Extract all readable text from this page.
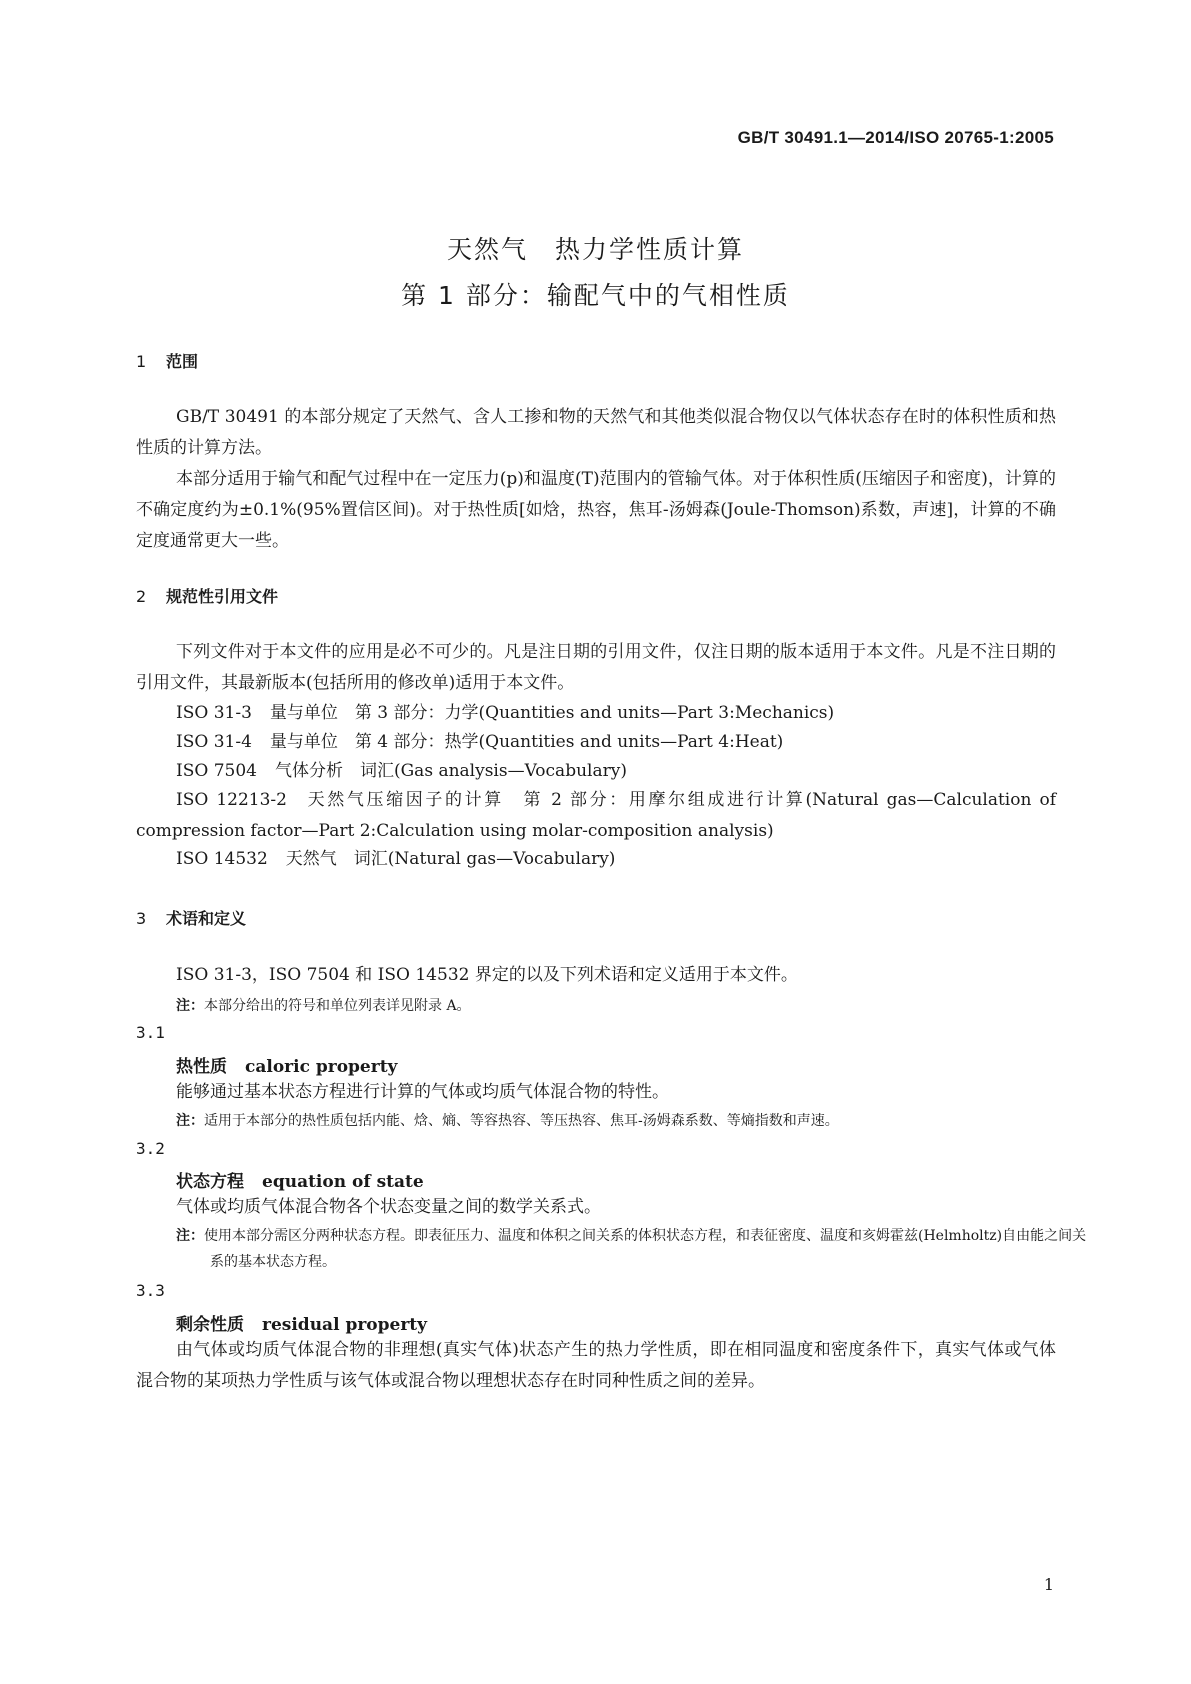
GB/T 30491.1—2014/ISO 20765-1:2005
天然气　热力学性质计算
第 1 部分：输配气中的气相性质
1 范围

GB/T 30491 的本部分规定了天然气、含人工掺和物的天然气和其他类似混合物仅以气体状态存在时的体积性质和热性质的计算方法。

本部分适用于输气和配气过程中在一定压力(p)和温度(T)范围内的管输气体。对于体积性质(压缩因子和密度)，计算的不确定度约为±0.1%(95%置信区间)。对于热性质[如焓，热容，焦耳-汤姆森(Joule-Thomson)系数，声速]，计算的不确定度通常更大一些。

2 规范性引用文件

下列文件对于本文件的应用是必不可少的。凡是注日期的引用文件，仅注日期的版本适用于本文件。凡是不注日期的引用文件，其最新版本(包括所用的修改单)适用于本文件。

ISO 31-3 量与单位　第 3 部分：力学(Quantities and units—Part 3:Mechanics)
ISO 31-4 量与单位　第 4 部分：热学(Quantities and units—Part 4:Heat)
ISO 7504 气体分析　词汇(Gas analysis—Vocabulary)

ISO 12213-2 天然气压缩因子的计算　第 2 部分：用摩尔组成进行计算(Natural gas—Calculation of compression factor—Part 2:Calculation using molar-composition analysis)

ISO 14532 天然气　词汇(Natural gas—Vocabulary)
3 术语和定义
ISO 31-3，ISO 7504 和 ISO 14532 界定的以及下列术语和定义适用于本文件。
注：本部分给出的符号和单位列表详见附录 A。
3.1
热性质 caloric property

能够通过基本状态方程进行计算的气体或均质气体混合物的特性。

注：适用于本部分的热性质包括内能、焓、熵、等容热容、等压热容、焦耳-汤姆森系数、等熵指数和声速。
3.2
状态方程 equation of state

气体或均质气体混合物各个状态变量之间的数学关系式。

注：使用本部分需区分两种状态方程。即表征压力、温度和体积之间关系的体积状态方程，和表征密度、温度和亥姆霍兹(Helmholtz)自由能之间关系的基本状态方程。
3.3
剩余性质 residual property

由气体或均质气体混合物的非理想(真实气体)状态产生的热力学性质，即在相同温度和密度条件下，真实气体或气体混合物的某项热力学性质与该气体或混合物以理想状态存在时同种性质之间的差异。

1
